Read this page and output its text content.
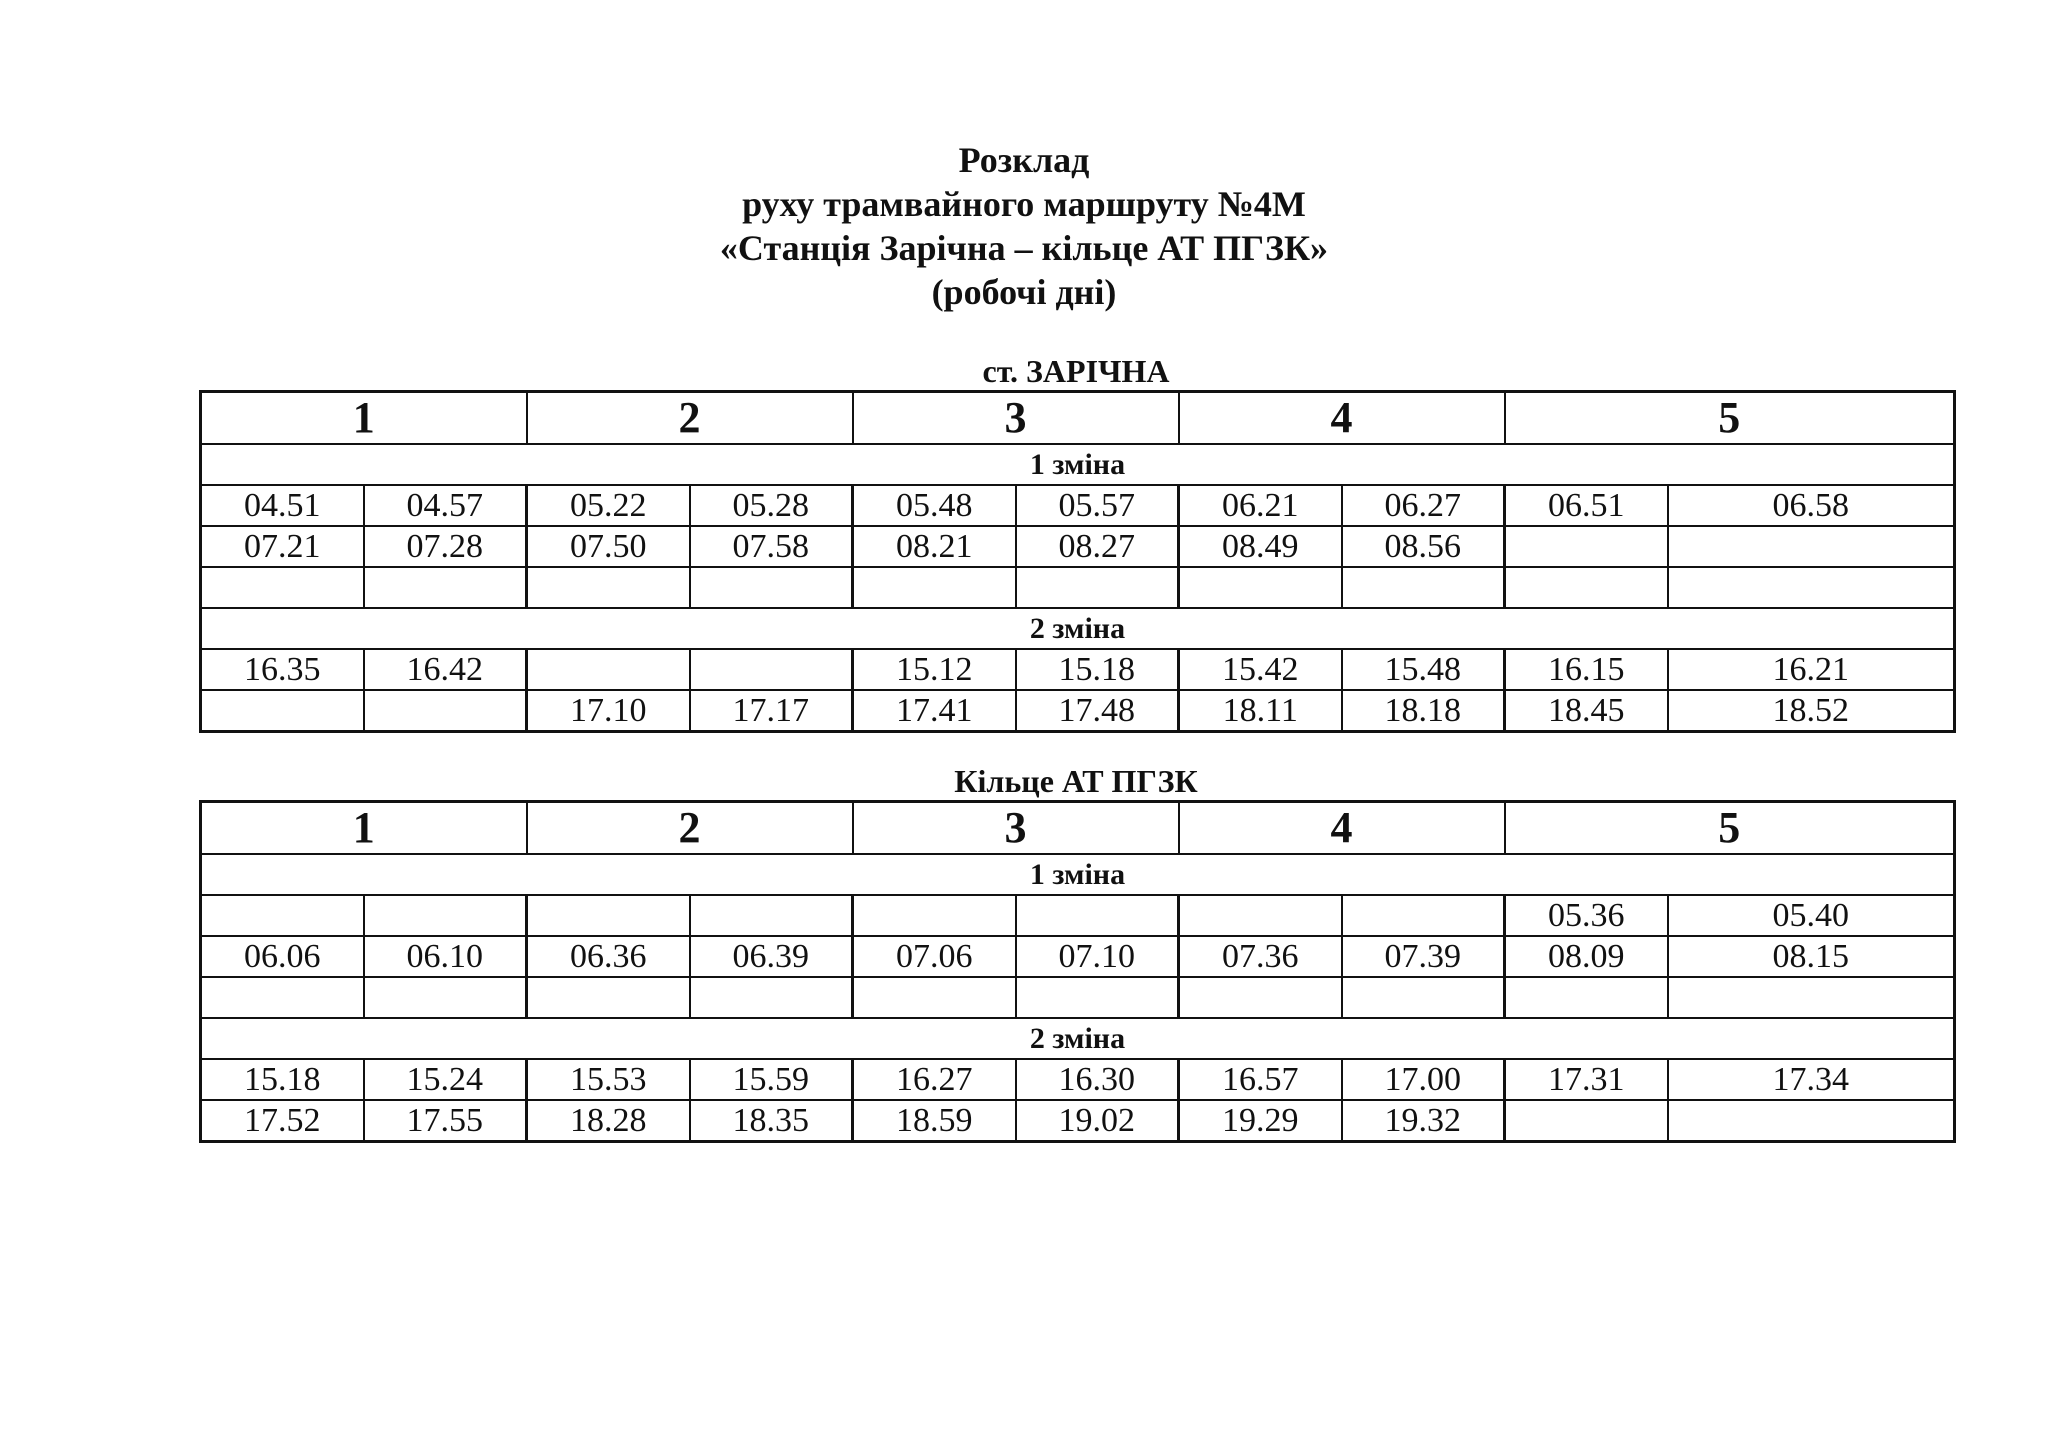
Розклад
руху трамвайного маршруту №4М
«Станція Зарічна – кільце АТ ПГЗК»
(робочі дні)
ст. ЗАРІЧНА
1		2		3		4		5	
1 зміна									
04.51	04.57	05.22	05.28	05.48	05.57	06.21	06.27	06.51	06.58
07.21	07.28	07.50	07.58	08.21	08.27	08.49	08.56		

2 зміна									
16.35	16.42			15.12	15.18	15.42	15.48	16.15	16.21
		17.10	17.17	17.41	17.48	18.11	18.18	18.45	18.52
Кільце АТ ПГЗК
1		2		3		4		5	
1 зміна									
								05.36	05.40
06.06	06.10	06.36	06.39	07.06	07.10	07.36	07.39	08.09	08.15

2 зміна									
15.18	15.24	15.53	15.59	16.27	16.30	16.57	17.00	17.31	17.34
17.52	17.55	18.28	18.35	18.59	19.02	19.29	19.32		
